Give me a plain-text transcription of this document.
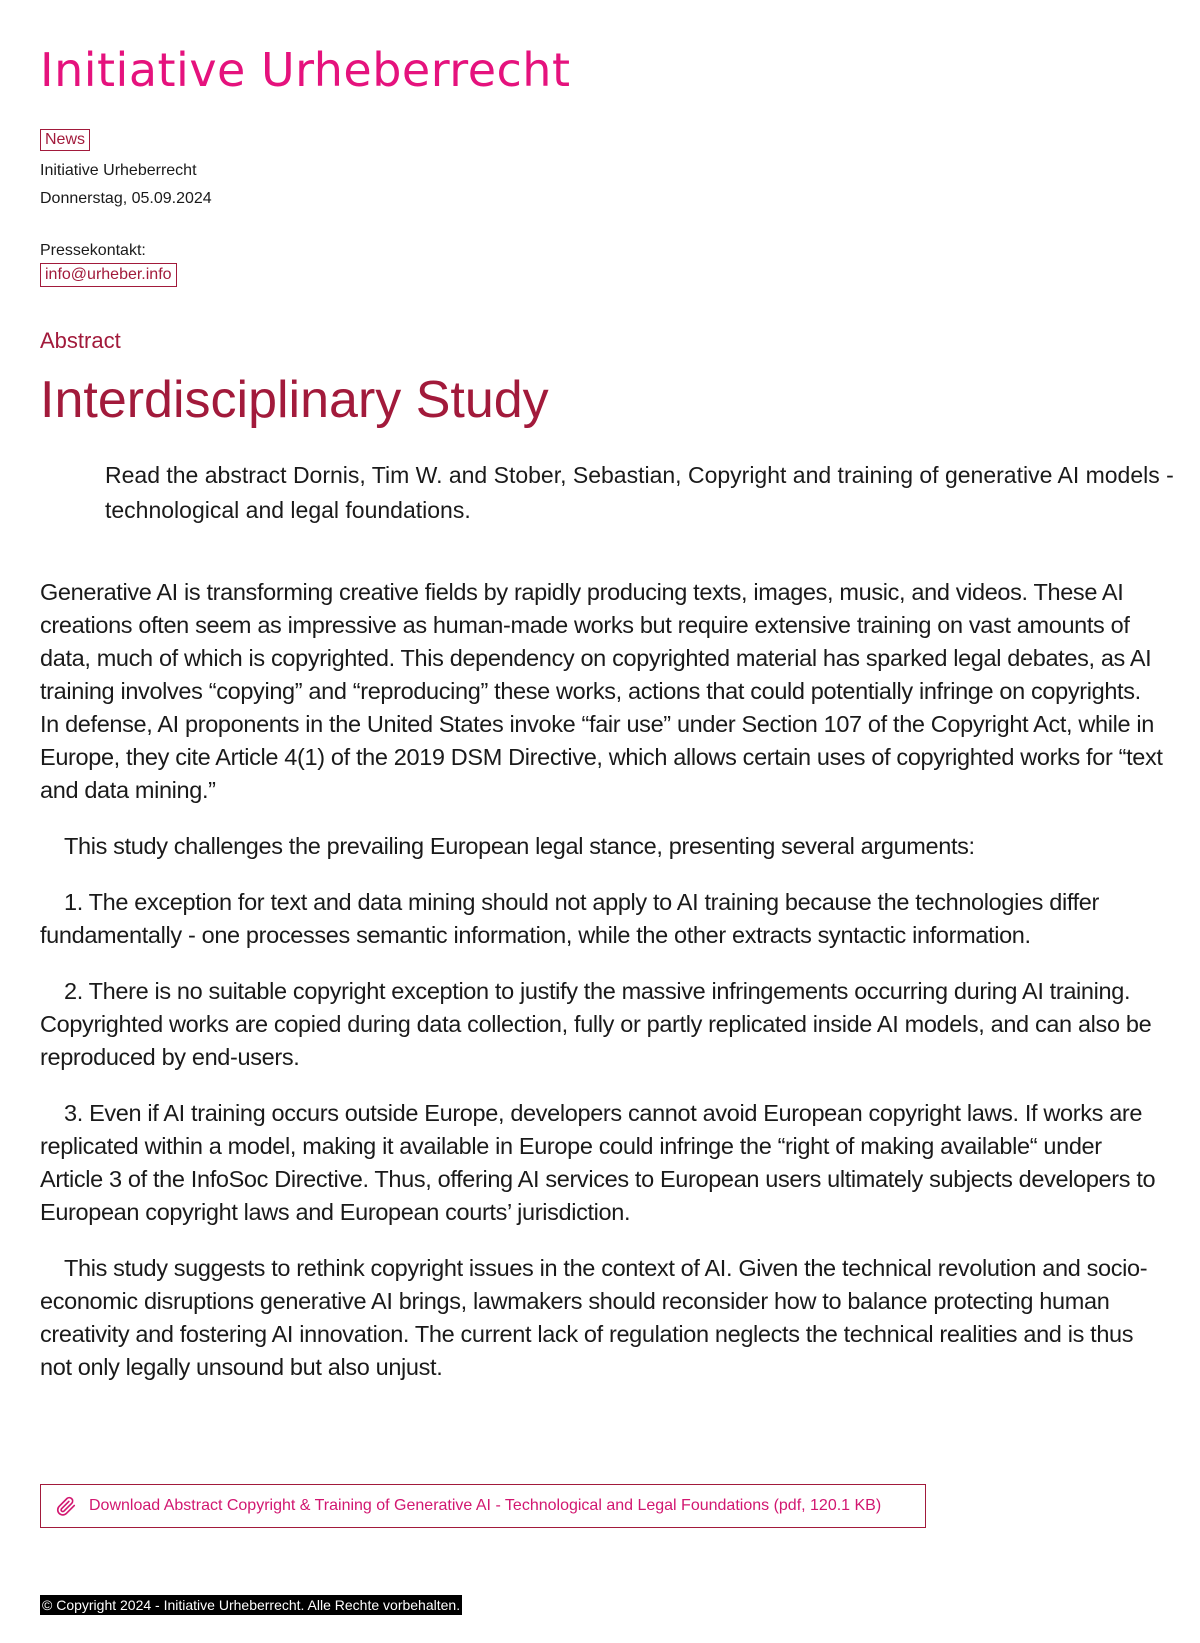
Initiative Urheberrecht
News
Initiative Urheberrecht
Donnerstag, 05.09.2024
Pressekontakt:
info@urheber.info
Abstract
Interdisciplinary Study

Read the abstract Dornis, Tim W. and Stober, Sebastian, Copyright and training of generative AI models - technological and legal foundations.

Generative AI is transforming creative fields by rapidly producing texts, images, music, and videos. These AI creations often seem as impressive as human-made works but require extensive training on vast amounts of data, much of which is copyrighted. This dependency on copyrighted material has sparked legal debates, as AI training involves “copying” and “reproducing” these works, actions that could potentially infringe on copyrights. In defense, AI proponents in the United States invoke “fair use” under Section 107 of the Copyright Act, while in Europe, they cite Article 4(1) of the 2019 DSM Directive, which allows certain uses of copyrighted works for “text and data mining.”

This study challenges the prevailing European legal stance, presenting several arguments:

1. The exception for text and data mining should not apply to AI training because the technologies differ fundamentally - one processes semantic information, while the other extracts syntactic information.

2. There is no suitable copyright exception to justify the massive infringements occurring during AI training. Copyrighted works are copied during data collection, fully or partly replicated inside AI models, and can also be reproduced by end-users.

3. Even if AI training occurs outside Europe, developers cannot avoid European copyright laws. If works are replicated within a model, making it available in Europe could infringe the “right of making available“ under Article 3 of the InfoSoc Directive. Thus, offering AI services to European users ultimately subjects developers to European copyright laws and European courts’ jurisdiction.

This study suggests to rethink copyright issues in the context of AI. Given the technical revolution and socio-economic disruptions generative AI brings, lawmakers should reconsider how to balance protecting human creativity and fostering AI innovation. The current lack of regulation neglects the technical realities and is thus not only legally unsound but also unjust.

Download Abstract Copyright & Training of Generative AI - Technological and Legal Foundations (pdf, 120.1 KB)
© Copyright 2024 - Initiative Urheberrecht. Alle Rechte vorbehalten.
